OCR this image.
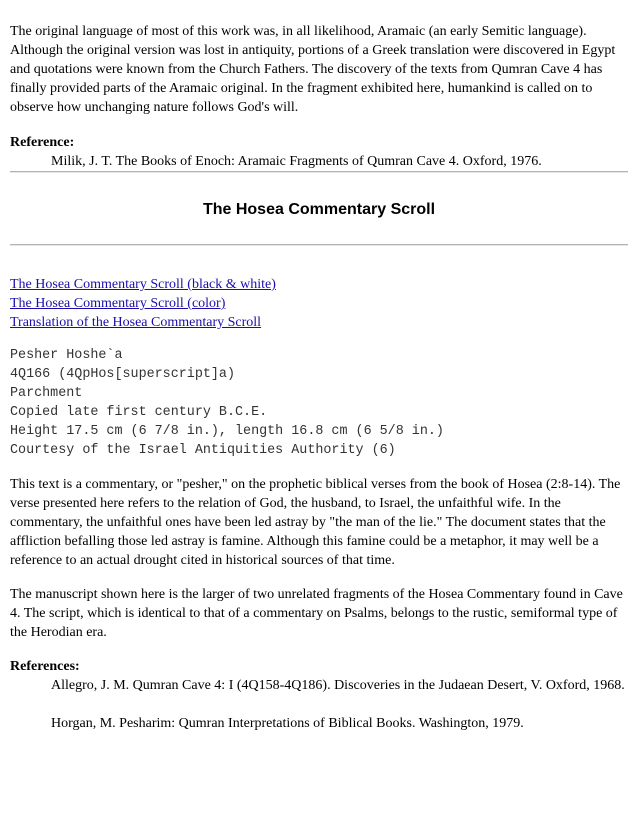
The original language of most of this work was, in all likelihood, Aramaic (an early Semitic language). Although the original version was lost in antiquity, portions of a Greek translation were discovered in Egypt and quotations were known from the Church Fathers. The discovery of the texts from Qumran Cave 4 has finally provided parts of the Aramaic original. In the fragment exhibited here, humankind is called on to observe how unchanging nature follows God's will.

Reference:
Milik, J. T. The Books of Enoch: Aramaic Fragments of Qumran Cave 4. Oxford, 1976.
The Hosea Commentary Scroll
The Hosea Commentary Scroll (black & white)
The Hosea Commentary Scroll (color)
Translation of the Hosea Commentary Scroll
Pesher Hoshe`a
4Q166 (4QpHos[superscript]a)
Parchment
Copied late first century B.C.E.
Height 17.5 cm (6 7/8 in.), length 16.8 cm (6 5/8 in.)
Courtesy of the Israel Antiquities Authority (6)

This text is a commentary, or "pesher," on the prophetic biblical verses from the book of Hosea (2:8-14). The verse presented here refers to the relation of God, the husband, to Israel, the unfaithful wife. In the commentary, the unfaithful ones have been led astray by "the man of the lie." The document states that the affliction befalling those led astray is famine. Although this famine could be a metaphor, it may well be a reference to an actual drought cited in historical sources of that time.

The manuscript shown here is the larger of two unrelated fragments of the Hosea Commentary found in Cave 4. The script, which is identical to that of a commentary on Psalms, belongs to the rustic, semiformal type of the Herodian era.

References:
Allegro, J. M. Qumran Cave 4: I (4Q158-4Q186). Discoveries in the Judaean Desert, V. Oxford, 1968.
Horgan, M. Pesharim: Qumran Interpretations of Biblical Books. Washington, 1979.
